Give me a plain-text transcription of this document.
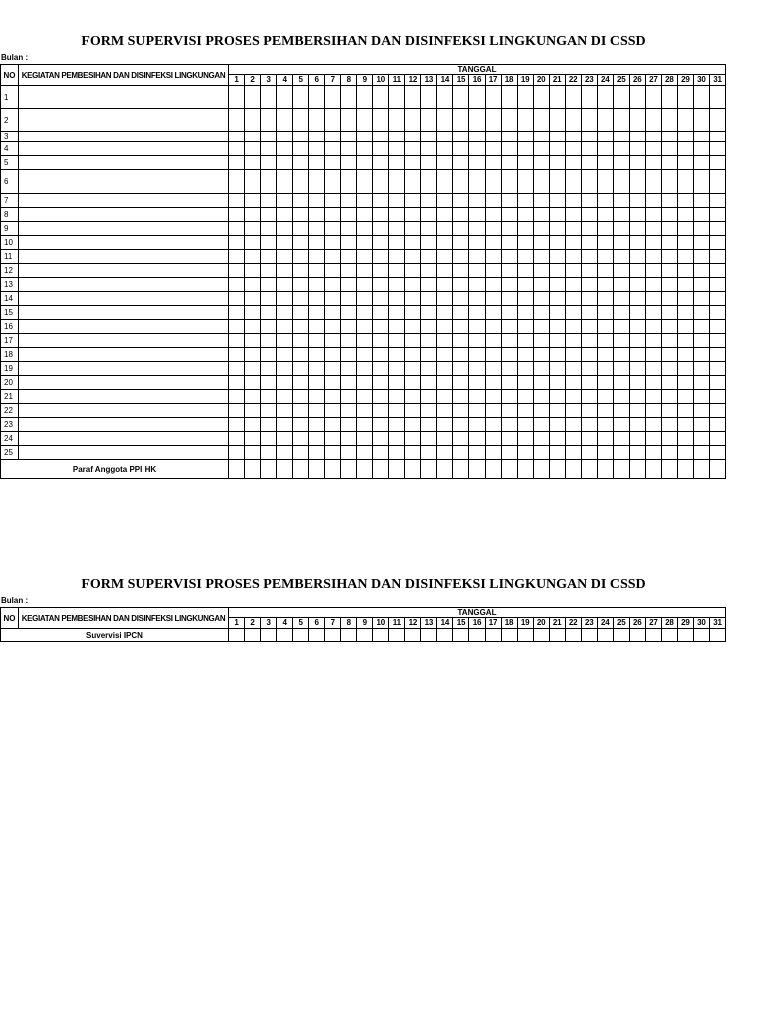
FORM SUPERVISI PROSES PEMBERSIHAN DAN DISINFEKSI LINGKUNGAN DI CSSD
Bulan :
NO	KEGIATAN PEMBESIHAN DAN DISINFEKSI LINGKUNGAN	TANGGAL																														
		1	2	3	4	5	6	7	8	9	10	11	12	13	14	15	16	17	18	19	20	21	22	23	24	25	26	27	28	29	30	31
1																																
2																																
3																																
4																																
5																																
6																																
7																																
8																																
9																																
10																																
11																																
12																																
13																																
14																																
15																																
16																																
17																																
18																																
19																																
20																																
21																																
22																																
23																																
24																																
25																																
Paraf Anggota PPI HK																																
FORM SUPERVISI PROSES PEMBERSIHAN DAN DISINFEKSI LINGKUNGAN DI CSSD
Bulan :
NO	KEGIATAN PEMBESIHAN DAN DISINFEKSI LINGKUNGAN	TANGGAL																														
		1	2	3	4	5	6	7	8	9	10	11	12	13	14	15	16	17	18	19	20	21	22	23	24	25	26	27	28	29	30	31
Suvervisi IPCN																																
